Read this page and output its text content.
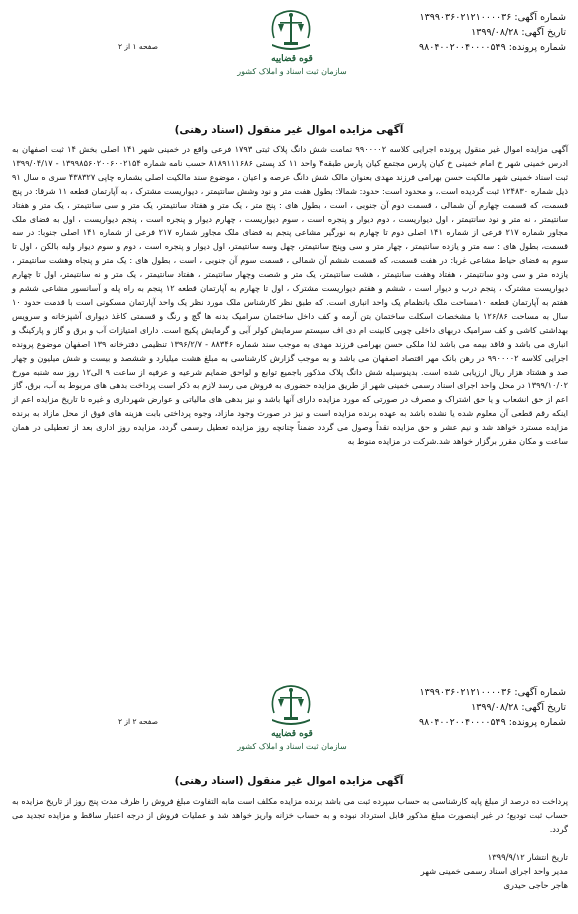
شماره آگهی: ۱۳۹۹۰۳۶۰۲۱۲۱۰۰۰۰۳۶
تاریخ آگهی: ۱۳۹۹/۰۸/۲۸
شماره پرونده: ۹۸۰۴۰۰۲۰۰۴۰۰۰۰۵۴۹
قوه قضاییه
سازمان ثبت اسناد و املاک کشور
صفحه ۱ از ۲
آگهی مزایده اموال غیر منقول (اسناد رهنی)

آگهی مزایده اموال غیر منقول پرونده اجرایی کلاسه ۹۹۰۰۰۰۲ تمامت شش دانگ پلاک ثبتی ۱۷۹۳ فرعی واقع در خمینی شهر ۱۴۱ اصلی بخش ۱۴ ثبت اصفهان به ادرس خمینی شهر خ امام خمینی خ کیان پارس مجتمع کیان پارس طبقه۴ واحد ۱۱ کد پستی ۸۱۸۹۱۱۱۶۸۶ حسب نامه شماره ۱۳۹۹۸۵۶۰۲۰۰۶۰۰۲۱۵۴ - ۱۳۹۹/۰۴/۱۷ ثبت اسناد خمینی شهر مالکیت حسن بهرامی فرزند مهدی بعنوان مالک شش دانگ عرصه و اعیان ، موضوع سند مالکیت اصلی بشماره چاپی ۴۳۸۳۲۷ سری ه سال ۹۱ ذیل شماره ۱۲۴۸۳۰ ثبت گردیده است.، و محدود است: حدود: شمالا: بطول هفت متر و نود وشش سانتیمتر ، دیواریست مشترک ، به آپارتمان قطعه ۱۱ شرقا: در پنج قسمت، که قسمت چهارم آن شمالی ، قسمت دوم آن جنوبی ، است ، بطول های : پنج متر ، یک متر و هفتاد سانتیمتر، یک متر و سی سانتیمتر ، یک متر و هفتاد سانتیمتر ، نه متر و نود سانتیمتر ، اول دیواریست ، دوم دیوار و پنجره است ، سوم دیواریست ، چهارم دیوار و پنجره است ، پنجم دیواریست ، اول به فضای ملک مجاور شماره ۲۱۷ فرعی از شماره ۱۴۱ اصلی دوم تا چهارم به نورگیر مشاعی پنجم به فضای ملک مجاور شماره ۲۱۷ فرعی از شماره ۱۴۱ اصلی جنوبا: در سه قسمت، بطول های : سه متر و یازده سانتیمتر ، چهار متر و سی وپنج سانتیمتر، چهل وسه سانتیمتر، اول دیوار و پنجره است ، دوم و سوم دیوار ولبه بالکن ، اول تا سوم به فضای حیاط مشاعی غربا: در هفت قسمت، که قسمت ششم آن شمالی ، قسمت سوم آن جنوبی ، است ، بطول های : یک متر و پنجاه وهشت سانتیمتر ، یازده متر و سی ودو سانتیمتر ، هفتاد وهفت سانتیمتر ، هشت سانتیمتر، یک متر و شصت وچهار سانتیمتر ، هفتاد سانتیمتر ، یک متر و نه سانتیمتر، اول تا چهارم دیواریست مشترک ، پنجم درب و دیوار است ، ششم و هفتم دیواریست مشترک ، اول تا چهارم به آپارتمان قطعه ۱۲ پنجم به راه پله و آسانسور مشاعی ششم و هفتم به آپارتمان قطعه ۱۰مساحت ملک بانظمام یک واحد انباری است. که طبق نظر کارشناس ملک مورد نظر یک واحد آپارتمان مسکونی است با قدمت حدود ۱۰ سال به مساحت ۱۲۶/۸۶ با مشخصات اسکلت ساختمان بتن آرمه و کف داخل ساختمان سرامیک بدنه ها گچ و رنگ و قسمتی کاغذ دیواری آشپزخانه و سرویس بهداشتی کاشی و کف سرامیک دربهای داخلی چوبی کابینت ام دی اف سیستم سرمایش کولر آبی و گرمایش پکیج است. دارای امتیازات آب و برق و گاز و پارکینگ و انباری می باشد و فاقد بیمه می باشد لذا ملکی حسن بهرامی فرزند مهدی به موجب سند شماره ۸۸۳۴۶ - ۱۳۹۶/۲/۷ تنظیمی دفترخانه ۱۳۹ اصفهان موضوع پرونده اجرایی کلاسه ۹۹۰۰۰۰۲ در رهن بانک مهر اقتصاد اصفهان می باشد و به موجب گزارش کارشناسی به مبلغ هشت میلیارد و ششصد و بیست و شش میلیون و چهار صد و هشتاد هزار ریال ارزیابی شده است. بدینوسیله شش دانگ پلاک مذکور باجمیع توابع و لواحق ضمایم شرعیه و عرفیه از ساعت ۹ الی۱۲ روز سه شنبه مورخ ۱۳۹۹/۱۰/۰۲ در محل واحد اجرای اسناد رسمی خمینی شهر از طریق مزایده حضوری به فروش می رسد لازم به ذکر است پرداخت بدهی های مربوط به آب، برق، گاز اعم از حق انشعاب و یا حق اشتراک و مصرف در صورتی که مورد مزایده دارای آنها باشد و نیز بدهی های مالیاتی و عوارض شهرداری و غیره تا تاریخ مزایده اعم از اینکه رقم قطعی آن معلوم شده یا نشده باشد به عهده برنده مزایده است و نیز در صورت وجود مازاد، وجوه پرداختی بابت هزینه های فوق از محل مازاد به برنده مزایده مسترد خواهد شد و نیم عشر و حق مزایده نقداً وصول می گردد ضمناً چنانچه روز مزایده تعطیل رسمی گردد، مزایده روز اداری بعد از تعطیلی در همان ساعت و مکان مقرر برگزار خواهد شد.شرکت در مزایده منوط به

شماره آگهی: ۱۳۹۹۰۳۶۰۲۱۲۱۰۰۰۰۳۶
تاریخ آگهی: ۱۳۹۹/۰۸/۲۸
شماره پرونده: ۹۸۰۴۰۰۲۰۰۴۰۰۰۰۵۴۹
قوه قضاییه
سازمان ثبت اسناد و املاک کشور
صفحه ۲ از ۲
آگهی مزایده اموال غیر منقول (اسناد رهنی)

پرداخت ده درصد از مبلغ پایه کارشناسی به حساب سپرده ثبت می باشد برنده مزایده مکلف است مابه التفاوت مبلغ فروش را ظرف مدت پنج روز از تاریخ مزایده به حساب ثبت تودیع؛ در غیر اینصورت مبلغ مذکور قابل استرداد نبوده و به حساب خزانه واریز خواهد شد و عملیات فروش از درجه اعتبار ساقط و مزایده تجدید می گردد.

تاریخ انتشار ۱۳۹۹/۹/۱۲
مدیر واحد اجرای اسناد رسمی خمینی شهر
هاجر حاجی حیدری
